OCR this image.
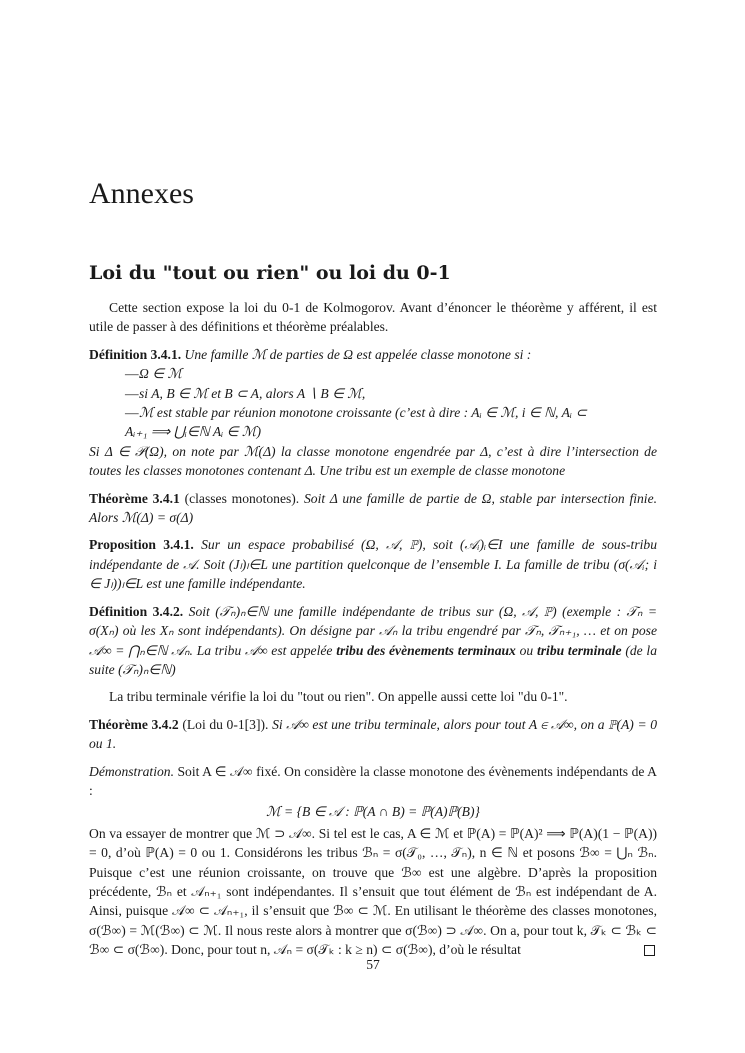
Annexes
Loi du "tout ou rien" ou loi du 0-1

Cette section expose la loi du 0-1 de Kolmogorov. Avant d’énoncer le théorème y afférent, il est utile de passer à des définitions et théorème préalables.

Définition 3.4.1. Une famille ℳ de parties de Ω est appelée classe monotone si :

—Ω ∈ ℳ
—si A, B ∈ ℳ et B ⊂ A, alors A ∖ B ∈ ℳ,
—ℳ est stable par réunion monotone croissante (c’est à dire : Aᵢ ∈ ℳ, i ∈ ℕ, Aᵢ ⊂
Aᵢ₊₁ ⟹ ⋃ᵢ∈ℕ Aᵢ ∈ ℳ)

Si Δ ∈ 𝒫(Ω), on note par ℳ(Δ) la classe monotone engendrée par Δ, c’est à dire l’intersection de toutes les classes monotones contenant Δ. Une tribu est un exemple de classe monotone

Théorème 3.4.1 (classes monotones). Soit Δ une famille de partie de Ω, stable par intersection finie. Alors ℳ(Δ) = σ(Δ)

Proposition 3.4.1. Sur un espace probabilisé (Ω, 𝒜, ℙ), soit (𝒜ᵢ)ᵢ∈I une famille de sous-tribu indépendante de 𝒜. Soit (Jₗ)ₗ∈L une partition quelconque de l’ensemble I. La famille de tribu (σ(𝒜ᵢ; i ∈ Jₗ))ₗ∈L est une famille indépendante.

Définition 3.4.2. Soit (𝒯ₙ)ₙ∈ℕ une famille indépendante de tribus sur (Ω, 𝒜, ℙ) (exemple : 𝒯ₙ = σ(Xₙ) où les Xₙ sont indépendants). On désigne par 𝒜ₙ la tribu engendré par 𝒯ₙ, 𝒯ₙ₊₁, … et on pose 𝒜∞ = ⋂ₙ∈ℕ 𝒜ₙ. La tribu 𝒜∞ est appelée tribu des évènements terminaux ou tribu terminale (de la suite (𝒯ₙ)ₙ∈ℕ)

La tribu terminale vérifie la loi du "tout ou rien". On appelle aussi cette loi "du 0-1".

Théorème 3.4.2 (Loi du 0-1[3]). Si 𝒜∞ est une tribu terminale, alors pour tout A ∈ 𝒜∞, on a ℙ(A) = 0 ou 1.

Démonstration. Soit A ∈ 𝒜∞ fixé. On considère la classe monotone des évènements indépendants de A :

ℳ = {B ∈ 𝒜 : ℙ(A ∩ B) = ℙ(A)ℙ(B)}

On va essayer de montrer que ℳ ⊃ 𝒜∞. Si tel est le cas, A ∈ ℳ et ℙ(A) = ℙ(A)² ⟹ ℙ(A)(1 − ℙ(A)) = 0, d’où ℙ(A) = 0 ou 1. Considérons les tribus ℬₙ = σ(𝒯₀, …, 𝒯ₙ), n ∈ ℕ et posons ℬ∞ = ⋃ₙ ℬₙ. Puisque c’est une réunion croissante, on trouve que ℬ∞ est une algèbre. D’après la proposition précédente, ℬₙ et 𝒜ₙ₊₁ sont indépendantes. Il s’ensuit que tout élément de ℬₙ est indépendant de A. Ainsi, puisque 𝒜∞ ⊂ 𝒜ₙ₊₁, il s’ensuit que ℬ∞ ⊂ ℳ. En utilisant le théorème des classes monotones, σ(ℬ∞) = ℳ(ℬ∞) ⊂ ℳ. Il nous reste alors à montrer que σ(ℬ∞) ⊃ 𝒜∞. On a, pour tout k, 𝒯ₖ ⊂ ℬₖ ⊂ ℬ∞ ⊂ σ(ℬ∞). Donc, pour tout n, 𝒜ₙ = σ(𝒯ₖ : k ≥ n) ⊂ σ(ℬ∞), d’où le résultat

57
